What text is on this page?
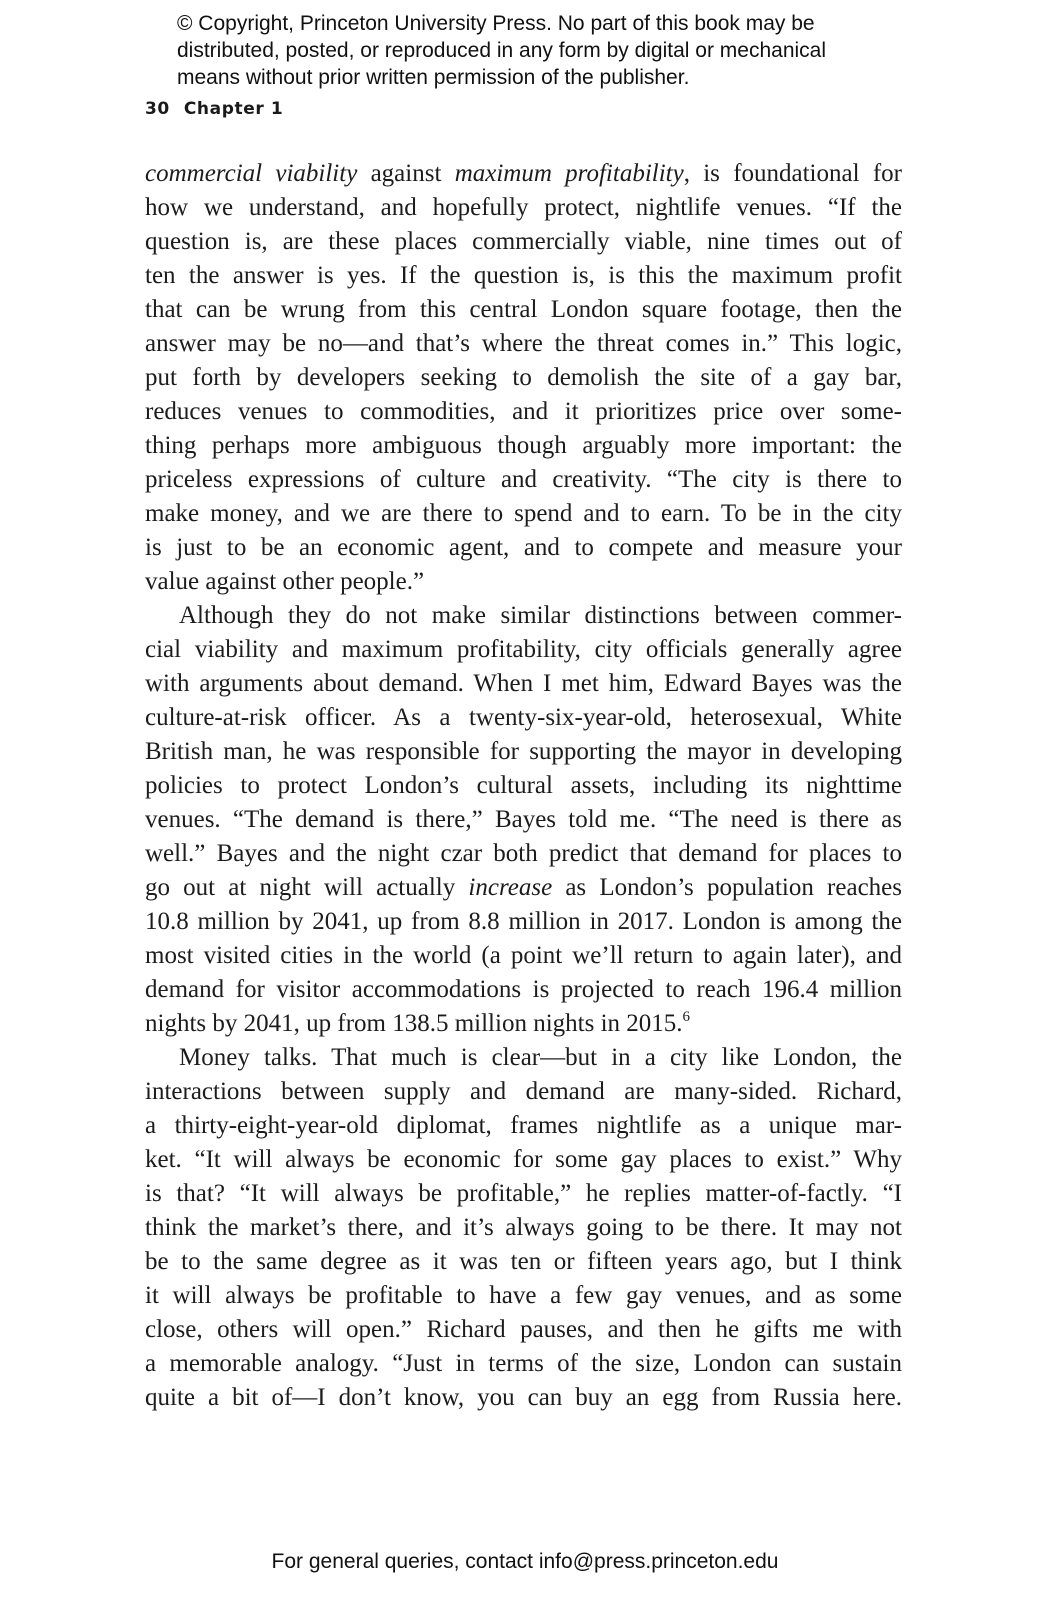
© Copyright, Princeton University Press. No part of this book may be
distributed, posted, or reproduced in any form by digital or mechanical
means without prior written permission of the publisher.
30 Chapter 1
commercial viability against maximum profitability, is foundational for
how we understand, and hopefully protect, nightlife venues. “If the
question is, are these places commercially viable, nine times out of
ten the answer is yes. If the question is, is this the maximum profit
that can be wrung from this central London square footage, then the
answer may be no—and that’s where the threat comes in.” This logic,
put forth by developers seeking to demolish the site of a gay bar,
reduces venues to commodities, and it prioritizes price over some-
thing perhaps more ambiguous though arguably more important: the
priceless expressions of culture and creativity. “The city is there to
make money, and we are there to spend and to earn. To be in the city
is just to be an economic agent, and to compete and measure your
value against other people.”
Although they do not make similar distinctions between commer-
cial viability and maximum profitability, city officials generally agree
with arguments about demand. When I met him, Edward Bayes was the
culture-at-risk officer. As a twenty-six-year-old, heterosexual, White
British man, he was responsible for supporting the mayor in developing
policies to protect London’s cultural assets, including its nighttime
venues. “The demand is there,” Bayes told me. “The need is there as
well.” Bayes and the night czar both predict that demand for places to
go out at night will actually increase as London’s population reaches
10.8 million by 2041, up from 8.8 million in 2017. London is among the
most visited cities in the world (a point we’ll return to again later), and
demand for visitor accommodations is projected to reach 196.4 million
nights by 2041, up from 138.5 million nights in 2015.$^6$
Money talks. That much is clear—but in a city like London, the
interactions between supply and demand are many-sided. Richard,
a thirty-eight-year-old diplomat, frames nightlife as a unique mar-
ket. “It will always be economic for some gay places to exist.” Why
is that? “It will always be profitable,” he replies matter-of-factly. “I
think the market’s there, and it’s always going to be there. It may not
be to the same degree as it was ten or fifteen years ago, but I think
it will always be profitable to have a few gay venues, and as some
close, others will open.” Richard pauses, and then he gifts me with
a memorable analogy. “Just in terms of the size, London can sustain
quite a bit of—I don’t know, you can buy an egg from Russia here.
For general queries, contact info@press.princeton.edu
